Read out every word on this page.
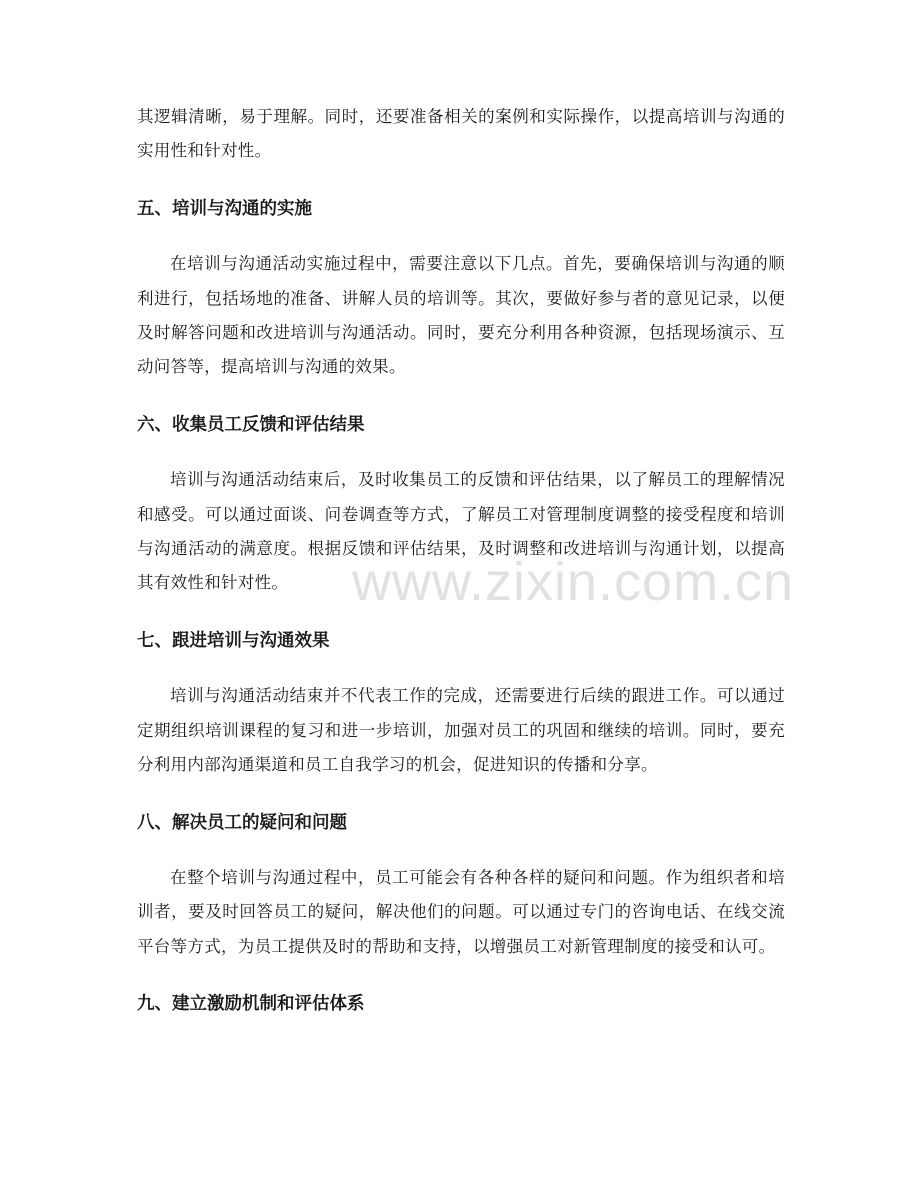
其逻辑清晰，易于理解。同时，还要准备相关的案例和实际操作，以提高培训与沟通的实用性和针对性。

五、培训与沟通的实施

在培训与沟通活动实施过程中，需要注意以下几点。首先，要确保培训与沟通的顺利进行，包括场地的准备、讲解人员的培训等。其次，要做好参与者的意见记录，以便及时解答问题和改进培训与沟通活动。同时，要充分利用各种资源，包括现场演示、互动问答等，提高培训与沟通的效果。

六、收集员工反馈和评估结果

培训与沟通活动结束后，及时收集员工的反馈和评估结果，以了解员工的理解情况和感受。可以通过面谈、问卷调查等方式，了解员工对管理制度调整的接受程度和培训与沟通活动的满意度。根据反馈和评估结果，及时调整和改进培训与沟通计划，以提高其有效性和针对性。

七、跟进培训与沟通效果

培训与沟通活动结束并不代表工作的完成，还需要进行后续的跟进工作。可以通过定期组织培训课程的复习和进一步培训，加强对员工的巩固和继续的培训。同时，要充分利用内部沟通渠道和员工自我学习的机会，促进知识的传播和分享。

八、解决员工的疑问和问题

在整个培训与沟通过程中，员工可能会有各种各样的疑问和问题。作为组织者和培训者，要及时回答员工的疑问，解决他们的问题。可以通过专门的咨询电话、在线交流平台等方式，为员工提供及时的帮助和支持，以增强员工对新管理制度的接受和认可。

九、建立激励机制和评估体系
www.zixin.com.cn
